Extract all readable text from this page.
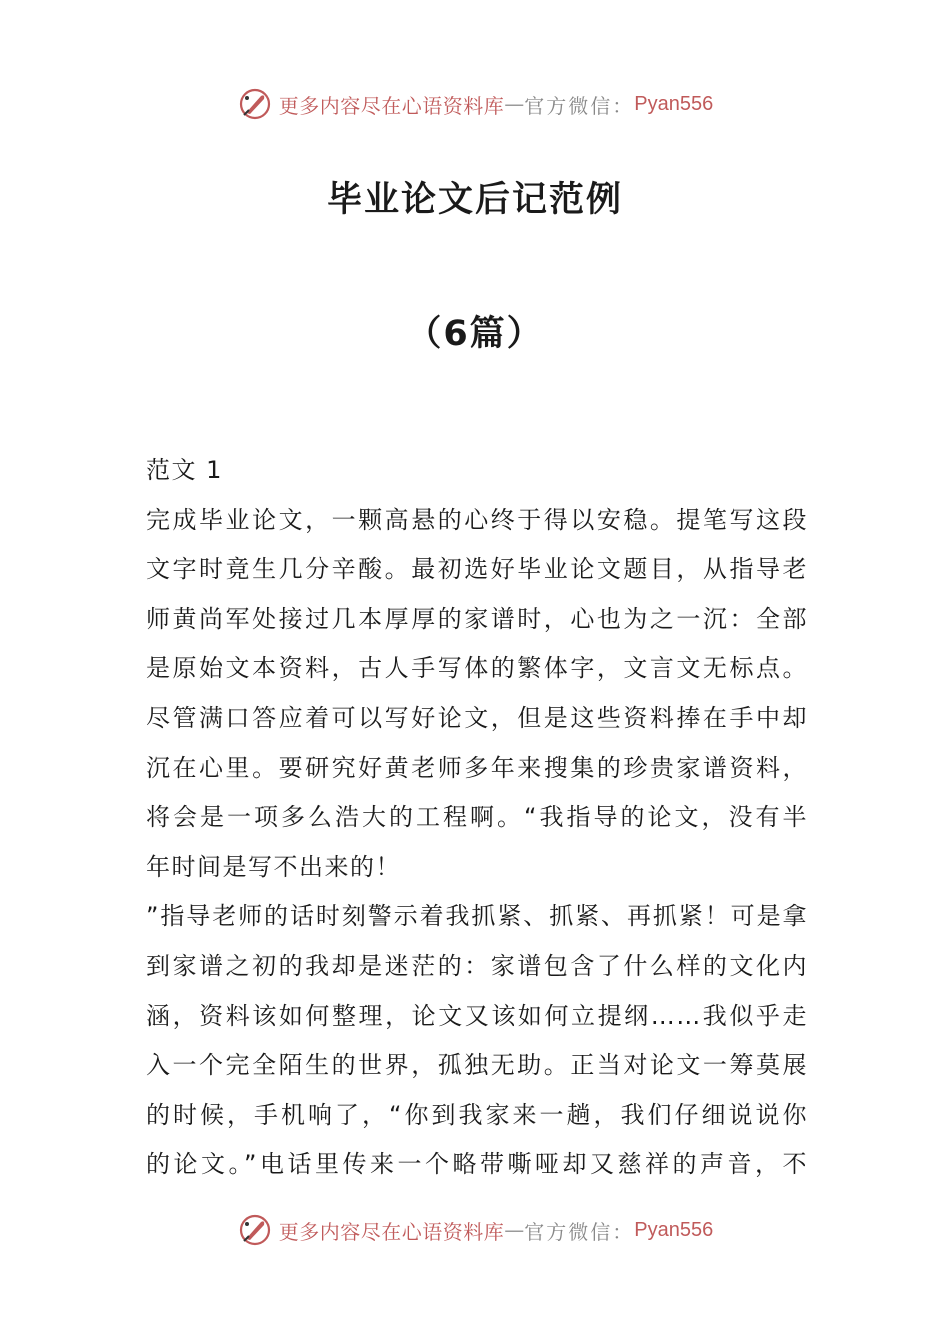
更多内容尽在心语资料库 — 官方微信： Pyan556
毕业论文后记范例
（6篇）
范文 1
完成毕业论文，一颗高悬的心终于得以安稳。提笔写这段
文字时竟生几分辛酸。最初选好毕业论文题目，从指导老
师黄尚军处接过几本厚厚的家谱时，心也为之一沉：全部
是原始文本资料，古人手写体的繁体字，文言文无标点。
尽管满口答应着可以写好论文，但是这些资料捧在手中却
沉在心里。要研究好黄老师多年来搜集的珍贵家谱资料，
将会是一项多么浩大的工程啊。“我指导的论文，没有半
年时间是写不出来的！
”指导老师的话时刻警示着我抓紧、抓紧、再抓紧！可是拿
到家谱之初的我却是迷茫的：家谱包含了什么样的文化内
涵，资料该如何整理，论文又该如何立提纲……我似乎走
入一个完全陌生的世界，孤独无助。正当对论文一筹莫展
的时候，手机响了，“你到我家来一趟，我们仔细说说你
的论文。”电话里传来一个略带嘶哑却又慈祥的声音，不
更多内容尽在心语资料库 — 官方微信： Pyan556
